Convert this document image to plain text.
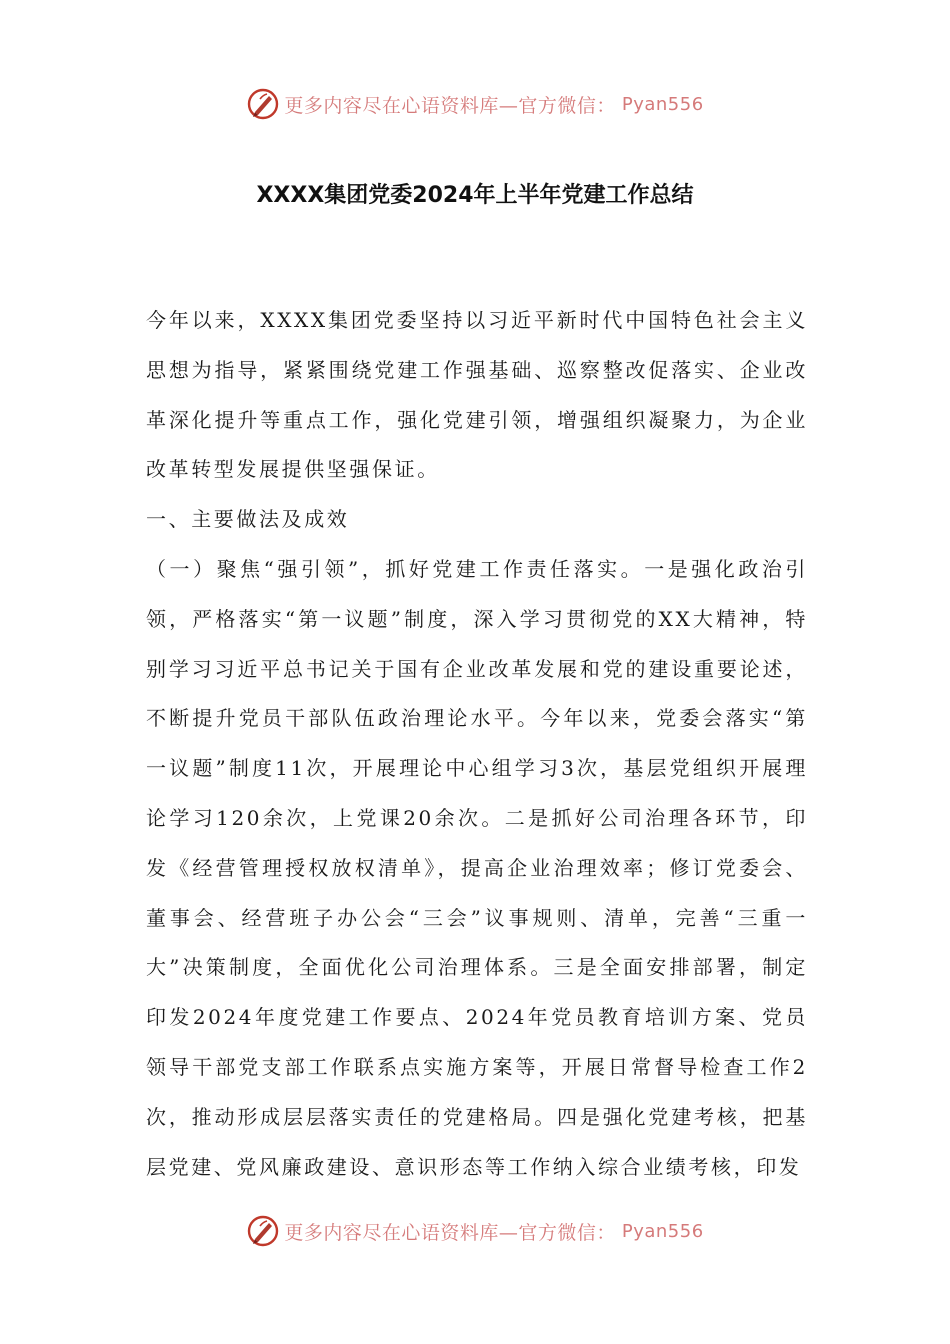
更多内容尽在心语资料库—官方微信： Pyan556
XXXX集团党委2024年上半年党建工作总结

今年以来，XXXX集团党委坚持以习近平新时代中国特色社会主义思想为指导，紧紧围绕党建工作强基础、巡察整改促落实、企业改革深化提升等重点工作，强化党建引领，增强组织凝聚力，为企业改革转型发展提供坚强保证。

一、主要做法及成效

（一）聚焦“强引领”，抓好党建工作责任落实。一是强化政治引领，严格落实“第一议题”制度，深入学习贯彻党的XX大精神，特别学习习近平总书记关于国有企业改革发展和党的建设重要论述，不断提升党员干部队伍政治理论水平。今年以来，党委会落实“第一议题”制度11次，开展理论中心组学习3次，基层党组织开展理论学习120余次，上党课20余次。二是抓好公司治理各环节，印发《经营管理授权放权清单》，提高企业治理效率；修订党委会、董事会、经营班子办公会“三会”议事规则、清单，完善“三重一大”决策制度，全面优化公司治理体系。三是全面安排部署，制定印发2024年度党建工作要点、2024年党员教育培训方案、党员领导干部党支部工作联系点实施方案等，开展日常督导检查工作2次，推动形成层层落实责任的党建格局。四是强化党建考核，把基层党建、党风廉政建设、意识形态等工作纳入综合业绩考核，印发

更多内容尽在心语资料库—官方微信： Pyan556
